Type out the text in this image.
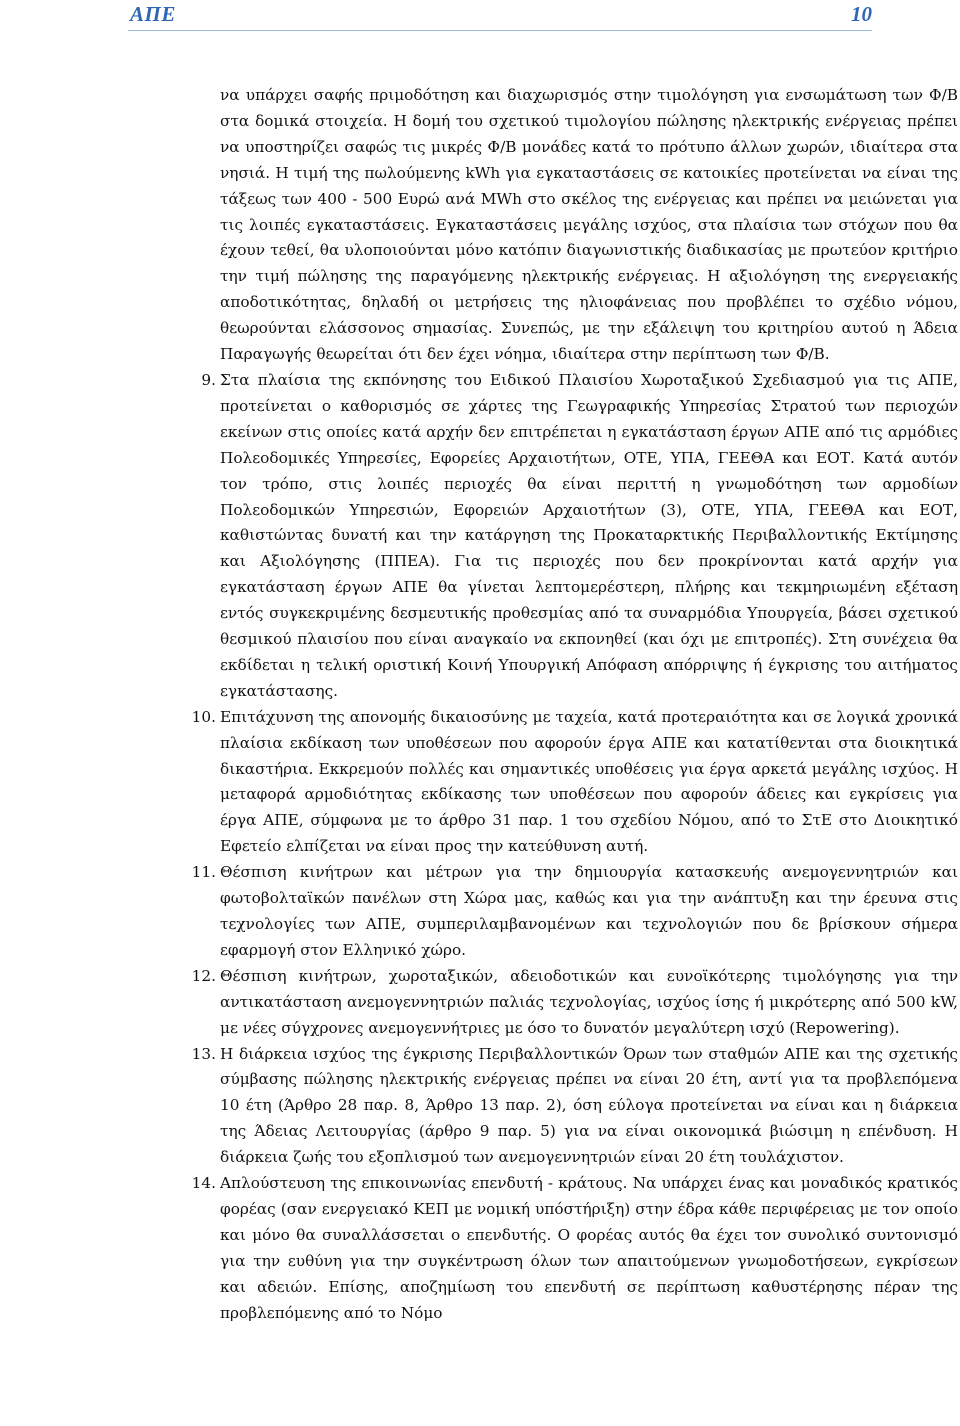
ΑΠΕ	10

να υπάρχει σαφής πριμοδότηση και διαχωρισμός στην τιμολόγηση για ενσωμάτωση των Φ/Β στα δομικά στοιχεία. Η δομή του σχετικού τιμολογίου πώλησης ηλεκτρικής ενέργειας πρέπει να υποστηρίζει σαφώς τις μικρές Φ/Β μονάδες κατά το πρότυπο άλλων χωρών, ιδιαίτερα στα νησιά. Η τιμή της πωλούμενης kWh για εγκαταστάσεις σε κατοικίες προτείνεται να είναι της τάξεως των 400 - 500 Ευρώ ανά MWh στο σκέλος της ενέργειας και πρέπει να μειώνεται για τις λοιπές εγκαταστάσεις. Εγκαταστάσεις μεγάλης ισχύος, στα πλαίσια των στόχων που θα έχουν τεθεί, θα υλοποιούνται μόνο κατόπιν διαγωνιστικής διαδικασίας με πρωτεύον κριτήριο την τιμή πώλησης της παραγόμενης ηλεκτρικής ενέργειας. Η αξιολόγηση της ενεργειακής αποδοτικότητας, δηλαδή οι μετρήσεις της ηλιοφάνειας που προβλέπει το σχέδιο νόμου, θεωρούνται ελάσσονος σημασίας. Συνεπώς, με την εξάλειψη του κριτηρίου αυτού η Άδεια Παραγωγής θεωρείται ότι δεν έχει νόημα, ιδιαίτερα στην περίπτωση των Φ/Β.

9. Στα πλαίσια της εκπόνησης του Ειδικού Πλαισίου Χωροταξικού Σχεδιασμού για τις ΑΠΕ, προτείνεται ο καθορισμός σε χάρτες της Γεωγραφικής Υπηρεσίας Στρατού των περιοχών εκείνων στις οποίες κατά αρχήν δεν επιτρέπεται η εγκατάσταση έργων ΑΠΕ από τις αρμόδιες Πολεοδομικές Υπηρεσίες, Εφορείες Αρχαιοτήτων, ΟΤΕ, ΥΠΑ, ΓΕΕΘΑ και ΕΟΤ. Κατά αυτόν τον τρόπο, στις λοιπές περιοχές θα είναι περιττή η γνωμοδότηση των αρμοδίων Πολεοδομικών Υπηρεσιών, Εφορειών Αρχαιοτήτων (3), ΟΤΕ, ΥΠΑ, ΓΕΕΘΑ και ΕΟΤ, καθιστώντας δυνατή και την κατάργηση της Προκαταρκτικής Περιβαλλοντικής Εκτίμησης και Αξιολόγησης (ΠΠΕΑ). Για τις περιοχές που δεν προκρίνονται κατά αρχήν για εγκατάσταση έργων ΑΠΕ θα γίνεται λεπτομερέστερη, πλήρης και τεκμηριωμένη εξέταση εντός συγκεκριμένης δεσμευτικής προθεσμίας από τα συναρμόδια Υπουργεία, βάσει σχετικού θεσμικού πλαισίου που είναι αναγκαίο να εκπονηθεί (και όχι με επιτροπές). Στη συνέχεια θα εκδίδεται η τελική οριστική Κοινή Υπουργική Απόφαση απόρριψης ή έγκρισης του αιτήματος εγκατάστασης.
10. Επιτάχυνση της απονομής δικαιοσύνης με ταχεία, κατά προτεραιότητα και σε λογικά χρονικά πλαίσια εκδίκαση των υποθέσεων που αφορούν έργα ΑΠΕ και κατατίθενται στα διοικητικά δικαστήρια. Εκκρεμούν πολλές και σημαντικές υποθέσεις για έργα αρκετά μεγάλης ισχύος. Η μεταφορά αρμοδιότητας εκδίκασης των υποθέσεων που αφορούν άδειες και εγκρίσεις για έργα ΑΠΕ, σύμφωνα με το άρθρο 31 παρ. 1 του σχεδίου Νόμου, από το ΣτΕ στο Διοικητικό Εφετείο ελπίζεται να είναι προς την κατεύθυνση αυτή.
11. Θέσπιση κινήτρων και μέτρων για την δημιουργία κατασκευής ανεμογεννητριών και φωτοβολταϊκών πανέλων στη Χώρα μας, καθώς και για την ανάπτυξη και την έρευνα στις τεχνολογίες των ΑΠΕ, συμπεριλαμβανομένων και τεχνολογιών που δε βρίσκουν σήμερα εφαρμογή στον Ελληνικό χώρο.
12. Θέσπιση κινήτρων, χωροταξικών, αδειοδοτικών και ευνοϊκότερης τιμολόγησης για την αντικατάσταση ανεμογεννητριών παλιάς τεχνολογίας, ισχύος ίσης ή μικρότερης από 500 kW, με νέες σύγχρονες ανεμογεννήτριες με όσο το δυνατόν μεγαλύτερη ισχύ (Repowering).
13. Η διάρκεια ισχύος της έγκρισης Περιβαλλοντικών Όρων των σταθμών ΑΠΕ και της σχετικής σύμβασης πώλησης ηλεκτρικής ενέργειας πρέπει να είναι 20 έτη, αντί για τα προβλεπόμενα 10 έτη (Άρθρο 28 παρ. 8, Άρθρο 13 παρ. 2), όση εύλογα προτείνεται να είναι και η διάρκεια της Άδειας Λειτουργίας (άρθρο 9 παρ. 5) για να είναι οικονομικά βιώσιμη η επένδυση. Η διάρκεια ζωής του εξοπλισμού των ανεμογεννητριών είναι 20 έτη τουλάχιστον.
14. Απλούστευση της επικοινωνίας επενδυτή - κράτους. Να υπάρχει ένας και μοναδικός κρατικός φορέας (σαν ενεργειακό ΚΕΠ με νομική υπόστήριξη) στην έδρα κάθε περιφέρειας με τον οποίο και μόνο θα συναλλάσσεται ο επενδυτής. Ο φορέας αυτός θα έχει τον συνολικό συντονισμό για την ευθύνη για την συγκέντρωση όλων των απαιτούμενων γνωμοδοτήσεων, εγκρίσεων και αδειών. Επίσης, αποζημίωση του επενδυτή σε περίπτωση καθυστέρησης πέραν της προβλεπόμενης από το Νόμο
